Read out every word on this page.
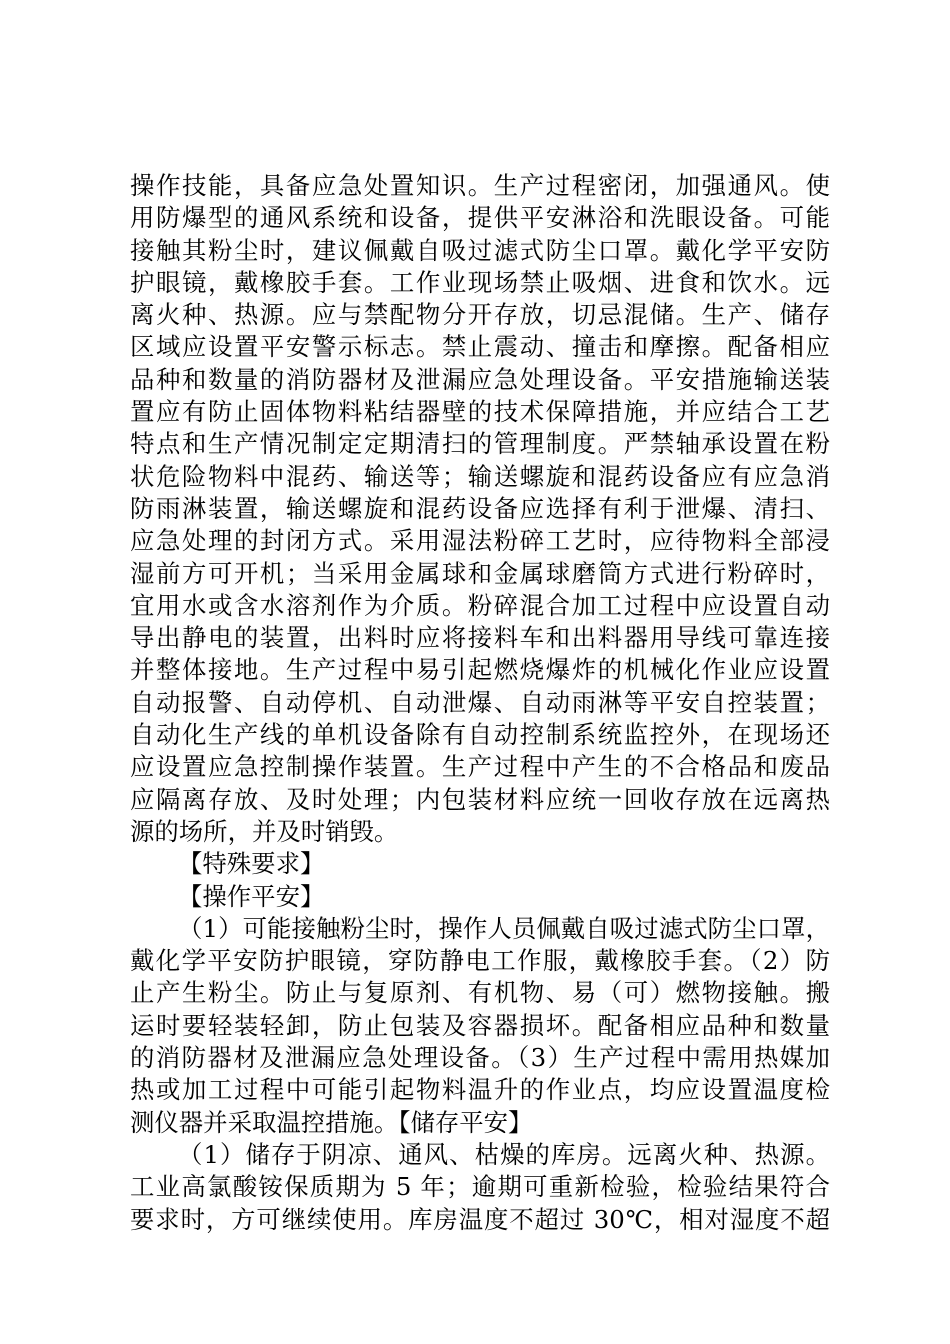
操作技能，具备应急处置知识。生产过程密闭，加强通风。使
用防爆型的通风系统和设备，提供平安淋浴和洗眼设备。可能
接触其粉尘时，建议佩戴自吸过滤式防尘口罩。戴化学平安防
护眼镜，戴橡胶手套。工作业现场禁止吸烟、进食和饮水。远
离火种、热源。应与禁配物分开存放，切忌混储。生产、储存
区域应设置平安警示标志。禁止震动、撞击和摩擦。配备相应
品种和数量的消防器材及泄漏应急处理设备。平安措施输送装
置应有防止固体物料粘结器壁的技术保障措施，并应结合工艺
特点和生产情况制定定期清扫的管理制度。严禁轴承设置在粉
状危险物料中混药、输送等；输送螺旋和混药设备应有应急消
防雨淋装置，输送螺旋和混药设备应选择有利于泄爆、清扫、
应急处理的封闭方式。采用湿法粉碎工艺时，应待物料全部浸
湿前方可开机；当采用金属球和金属球磨筒方式进行粉碎时，
宜用水或含水溶剂作为介质。粉碎混合加工过程中应设置自动
导出静电的装置，出料时应将接料车和出料器用导线可靠连接
并整体接地。生产过程中易引起燃烧爆炸的机械化作业应设置
自动报警、自动停机、自动泄爆、自动雨淋等平安自控装置；
自动化生产线的单机设备除有自动控制系统监控外，在现场还
应设置应急控制操作装置。生产过程中产生的不合格品和废品
应隔离存放、及时处理；内包装材料应统一回收存放在远离热
源的场所，并及时销毁。
【特殊要求】
【操作平安】
（1）可能接触粉尘时，操作人员佩戴自吸过滤式防尘口罩，
戴化学平安防护眼镜，穿防静电工作服，戴橡胶手套。（2）防
止产生粉尘。防止与复原剂、有机物、易（可）燃物接触。搬
运时要轻装轻卸，防止包装及容器损坏。配备相应品种和数量
的消防器材及泄漏应急处理设备。（3）生产过程中需用热媒加
热或加工过程中可能引起物料温升的作业点，均应设置温度检
测仪器并采取温控措施。【储存平安】
（1）储存于阴凉、通风、枯燥的库房。远离火种、热源。
工业高氯酸铵保质期为 5 年；逾期可重新检验，检验结果符合
要求时，方可继续使用。库房温度不超过 30℃，相对湿度不超
